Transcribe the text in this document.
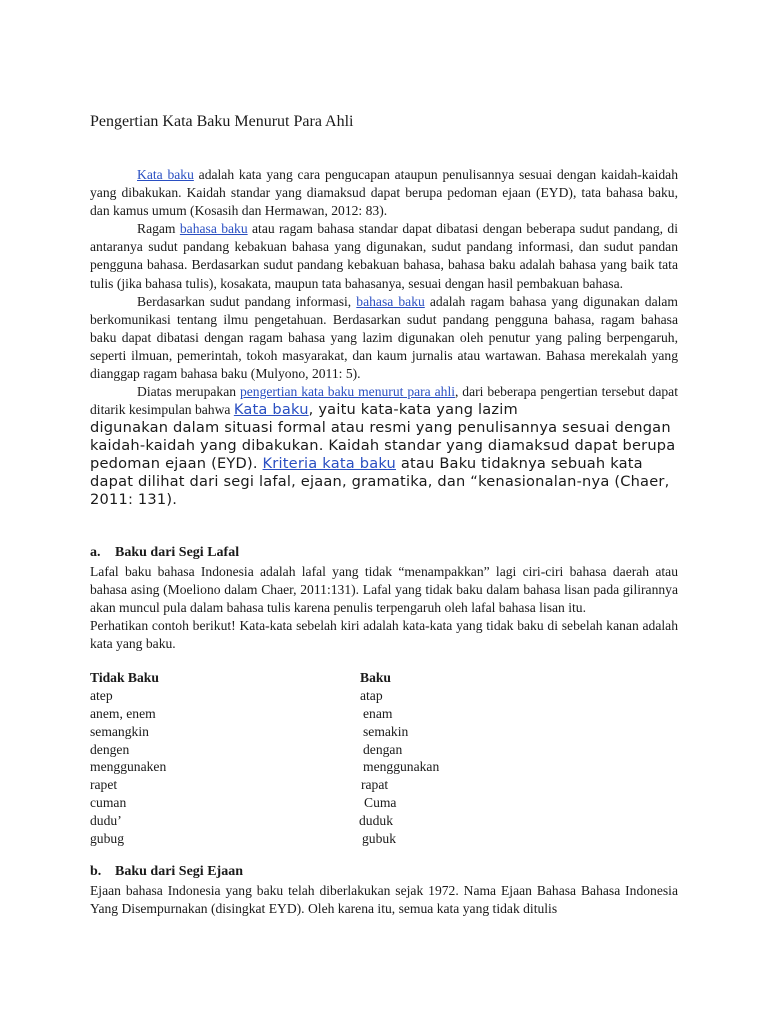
Pengertian Kata Baku Menurut Para Ahli

Kata baku adalah kata yang cara pengucapan ataupun penulisannya sesuai dengan kaidah-kaidah yang dibakukan. Kaidah standar yang diamaksud dapat berupa pedoman ejaan (EYD), tata bahasa baku, dan kamus umum (Kosasih dan Hermawan, 2012: 83).

Ragam bahasa baku atau ragam bahasa standar dapat dibatasi dengan beberapa sudut pandang, di antaranya sudut pandang kebakuan bahasa yang digunakan, sudut pandang informasi, dan sudut pandan pengguna bahasa. Berdasarkan sudut pandang kebakuan bahasa, bahasa baku adalah bahasa yang baik tata tulis (jika bahasa tulis), kosakata, maupun tata bahasanya, sesuai dengan hasil pembakuan bahasa.

Berdasarkan sudut pandang informasi, bahasa baku adalah ragam bahasa yang digunakan dalam berkomunikasi tentang ilmu pengetahuan. Berdasarkan sudut pandang pengguna bahasa, ragam bahasa baku dapat dibatasi dengan ragam bahasa yang lazim digunakan oleh penutur yang paling berpengaruh, seperti ilmuan, pemerintah, tokoh masyarakat, dan kaum jurnalis atau wartawan. Bahasa merekalah yang dianggap ragam bahasa baku (Mulyono, 2011: 5).

Diatas merupakan pengertian kata baku menurut para ahli, dari beberapa pengertian tersebut dapat ditarik kesimpulan bahwa Kata baku, yaitu kata-kata yang lazim

digunakan dalam situasi formal atau resmi yang penulisannya sesuai dengan kaidah-kaidah yang dibakukan. Kaidah standar yang diamaksud dapat berupa pedoman ejaan (EYD). Kriteria kata baku atau Baku tidaknya sebuah kata dapat dilihat dari segi lafal, ejaan, gramatika, dan “kenasionalan-nya (Chaer, 2011: 131).

a. Baku dari Segi Lafal

Lafal baku bahasa Indonesia adalah lafal yang tidak “menampakkan” lagi ciri-ciri bahasa daerah atau bahasa asing (Moeliono dalam Chaer, 2011:131). Lafal yang tidak baku dalam bahasa lisan pada gilirannya akan muncul pula dalam bahasa tulis karena penulis terpengaruh oleh lafal bahasa lisan itu.

Perhatikan contoh berikut! Kata-kata sebelah kiri adalah kata-kata yang tidak baku di sebelah kanan adalah kata yang baku.

Tidak Baku	Baku
atep	atap
anem, enem	enam
semangkin	semakin
dengen	dengan
menggunaken	menggunakan
rapet	rapat
cuman	Cuma
dudu’	duduk
gubug	gubuk
b. Baku dari Segi Ejaan

Ejaan bahasa Indonesia yang baku telah diberlakukan sejak 1972. Nama Ejaan Bahasa Bahasa Indonesia Yang Disempurnakan (disingkat EYD). Oleh karena itu, semua kata yang tidak ditulis
